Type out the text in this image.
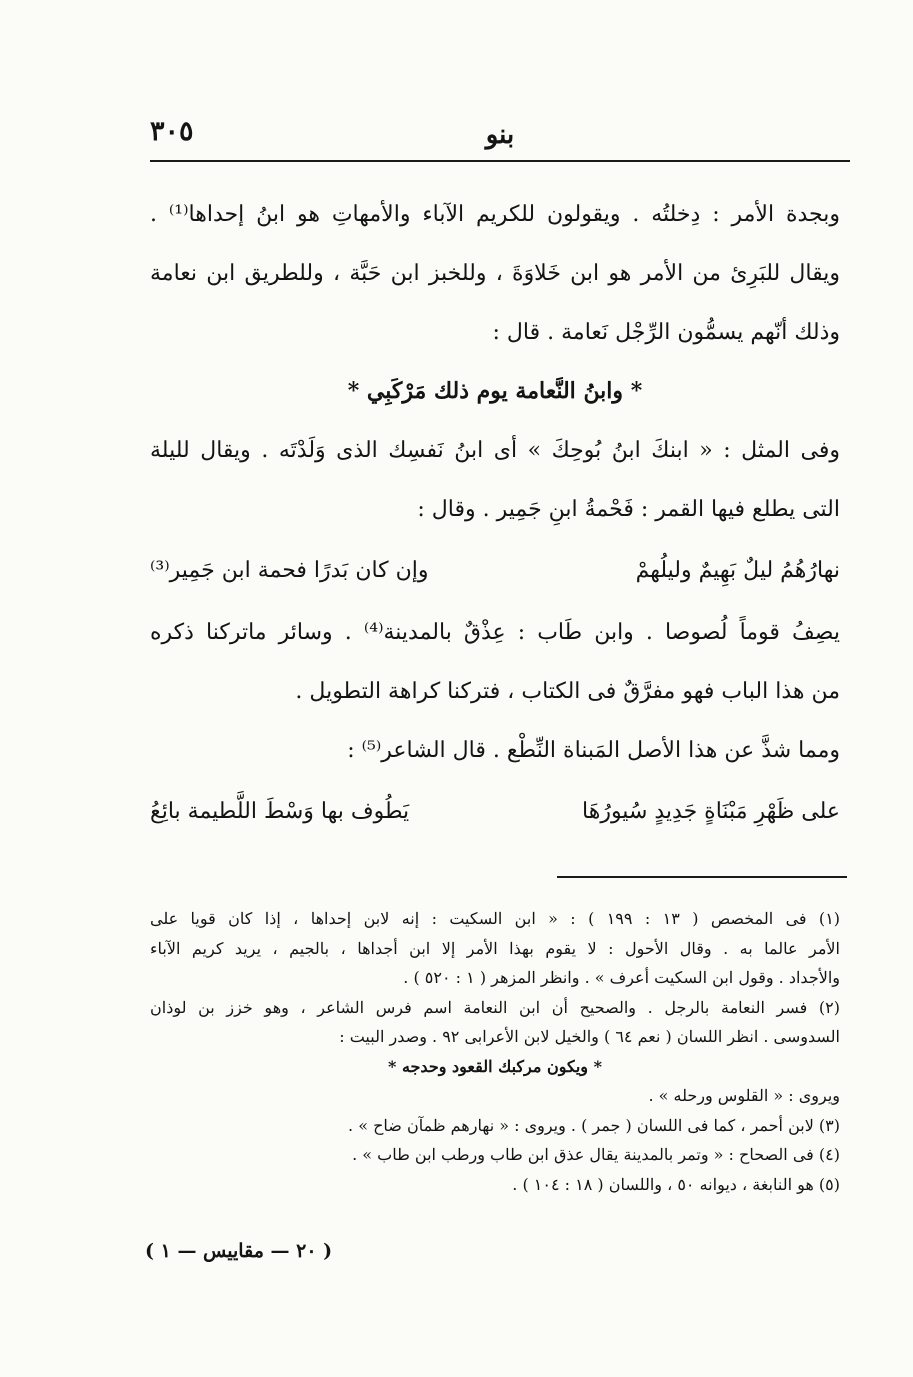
٣٠٥	بنو
وبجدة الأمر : دِخلتُه . ويقولون للكريم الآباء والأمهاتِ هو ابنُ إحداها⁽¹⁾ .
ويقال للبَرِئ من الأمر هو ابن خَلاوَةَ ، وللخبز ابن حَبَّة ، وللطريق ابن نعامة
وذلك أنّهم يسمُّون الرِّجْل نَعامة . قال :
* وابنُ النَّعامة يوم ذلك مَرْكَبِي *
وفى المثل : « ابنكَ ابنُ بُوحِكَ » أى ابنُ نَفسِك الذى وَلَدْتَه . ويقال لليلة
التى يطلع فيها القمر : فَحْمةُ ابنِ جَمِير . وقال :
نهارُهُمُ ليلٌ بَهِيمٌ وليلُهمْ
وإن كان بَدرًا فحمة ابن جَمِير⁽³⁾
يصِفُ قوماً لُصوصا . وابن طَاب : عِذْقٌ بالمدينة⁽⁴⁾ . وسائر ماتركنا ذكره
من هذا الباب فهو مفرَّقٌ فى الكتاب ، فتركنا كراهة التطويل .
ومما شذَّ عن هذا الأصل المَبناة النِّطْع . قال الشاعر⁽⁵⁾ :
على ظَهْرِ مَبْنَاةٍ جَدِيدٍ سُيورُهَا
يَطُوف بها وَسْطَ اللَّطيمة بائِعُ
(١) فى المخصص ( ١٣ : ١٩٩ ) : « ابن السكيت : إنه لابن إحداها ، إذا كان قويا على
الأمر عالما به . وقال الأحول : لا يقوم بهذا الأمر إلا ابن أجداها ، بالجيم ، يريد كريم الآباء
والأجداد . وقول ابن السكيت أعرف » . وانظر المزهر ( ١ : ٥٢٠ ) .
(٢) فسر النعامة بالرجل . والصحيح أن ابن النعامة اسم فرس الشاعر ، وهو خزز بن لوذان
السدوسى . انظر اللسان ( نعم ٦٤ ) والخيل لابن الأعرابى ٩٢ . وصدر البيت :
* ويكون مركبك القعود وحدجه *
ويروى : « القلوس ورحله » .
(٣) لابن أحمر ، كما فى اللسان ( جمر ) . ويروى : « نهارهم ظمآن ضاح » .
(٤) فى الصحاح : « وتمر بالمدينة يقال عذق ابن طاب ورطب ابن طاب » .
(٥) هو النابغة ، ديوانه ٥٠ ، واللسان ( ١٨ : ١٠٤ ) .
( ٢٠ — مقاييس — ١ )
